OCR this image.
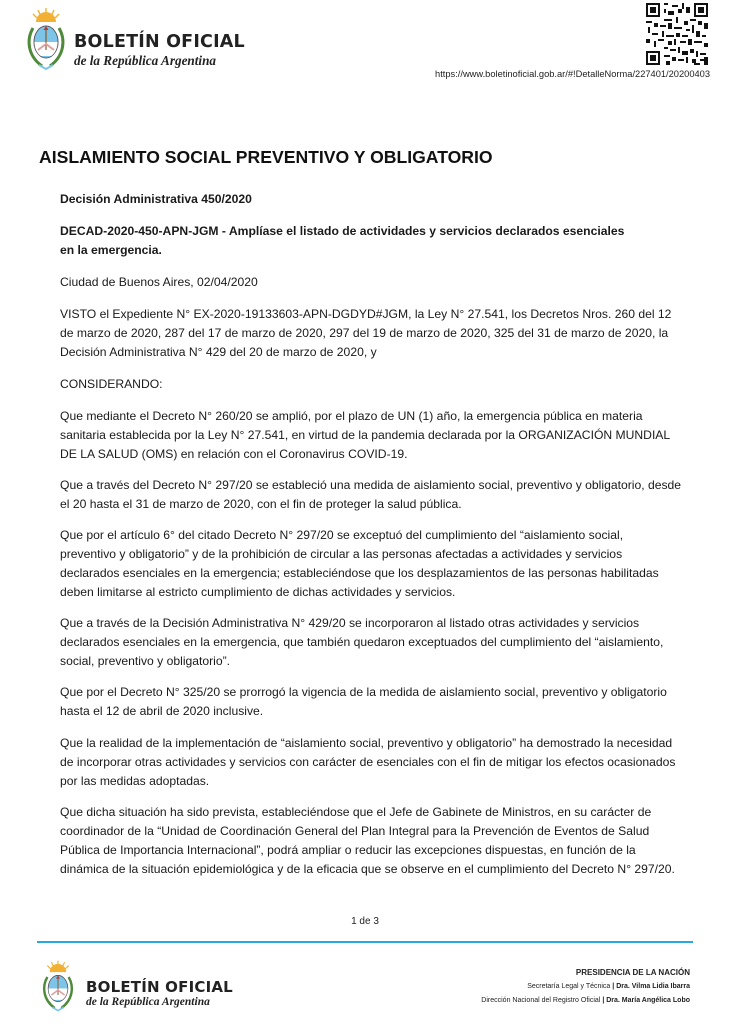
BOLETÍN OFICIAL
de la República Argentina
https://www.boletinoficial.gob.ar/#!DetalleNorma/227401/20200403
AISLAMIENTO SOCIAL PREVENTIVO Y OBLIGATORIO

Decisión Administrativa 450/2020

DECAD-2020-450-APN-JGM - Amplíase el listado de actividades y servicios declarados esenciales en la emergencia.

Ciudad de Buenos Aires, 02/04/2020

VISTO el Expediente N° EX-2020-19133603-APN-DGDYD#JGM, la Ley N° 27.541, los Decretos Nros. 260 del 12 de marzo de 2020, 287 del 17 de marzo de 2020, 297 del 19 de marzo de 2020, 325 del 31 de marzo de 2020, la Decisión Administrativa N° 429 del 20 de marzo de 2020, y

CONSIDERANDO:

Que mediante el Decreto N° 260/20 se amplió, por el plazo de UN (1) año, la emergencia pública en materia sanitaria establecida por la Ley N° 27.541, en virtud de la pandemia declarada por la ORGANIZACIÓN MUNDIAL DE LA SALUD (OMS) en relación con el Coronavirus COVID-19.

Que a través del Decreto N° 297/20 se estableció una medida de aislamiento social, preventivo y obligatorio, desde el 20 hasta el 31 de marzo de 2020, con el fin de proteger la salud pública.

Que por el artículo 6° del citado Decreto N° 297/20 se exceptuó del cumplimiento del “aislamiento social, preventivo y obligatorio” y de la prohibición de circular a las personas afectadas a actividades y servicios declarados esenciales en la emergencia; estableciéndose que los desplazamientos de las personas habilitadas deben limitarse al estricto cumplimiento de dichas actividades y servicios.

Que a través de la Decisión Administrativa N° 429/20 se incorporaron al listado otras actividades y servicios declarados esenciales en la emergencia, que también quedaron exceptuados del cumplimiento del “aislamiento, social, preventivo y obligatorio”.

Que por el Decreto N° 325/20 se prorrogó la vigencia de la medida de aislamiento social, preventivo y obligatorio hasta el 12 de abril de 2020 inclusive.

Que la realidad de la implementación de “aislamiento social, preventivo y obligatorio” ha demostrado la necesidad de incorporar otras actividades y servicios con carácter de esenciales con el fin de mitigar los efectos ocasionados por las medidas adoptadas.

Que dicha situación ha sido prevista, estableciéndose que el Jefe de Gabinete de Ministros, en su carácter de coordinador de la “Unidad de Coordinación General del Plan Integral para la Prevención de Eventos de Salud Pública de Importancia Internacional”, podrá ampliar o reducir las excepciones dispuestas, en función de la dinámica de la situación epidemiológica y de la eficacia que se observe en el cumplimiento del Decreto N° 297/20.

1 de 3
BOLETÍN OFICIAL
de la República Argentina
PRESIDENCIA DE LA NACIÓN
Secretaría Legal y Técnica | Dra. Vilma Lidia Ibarra
Dirección Nacional del Registro Oficial | Dra. María Angélica Lobo
